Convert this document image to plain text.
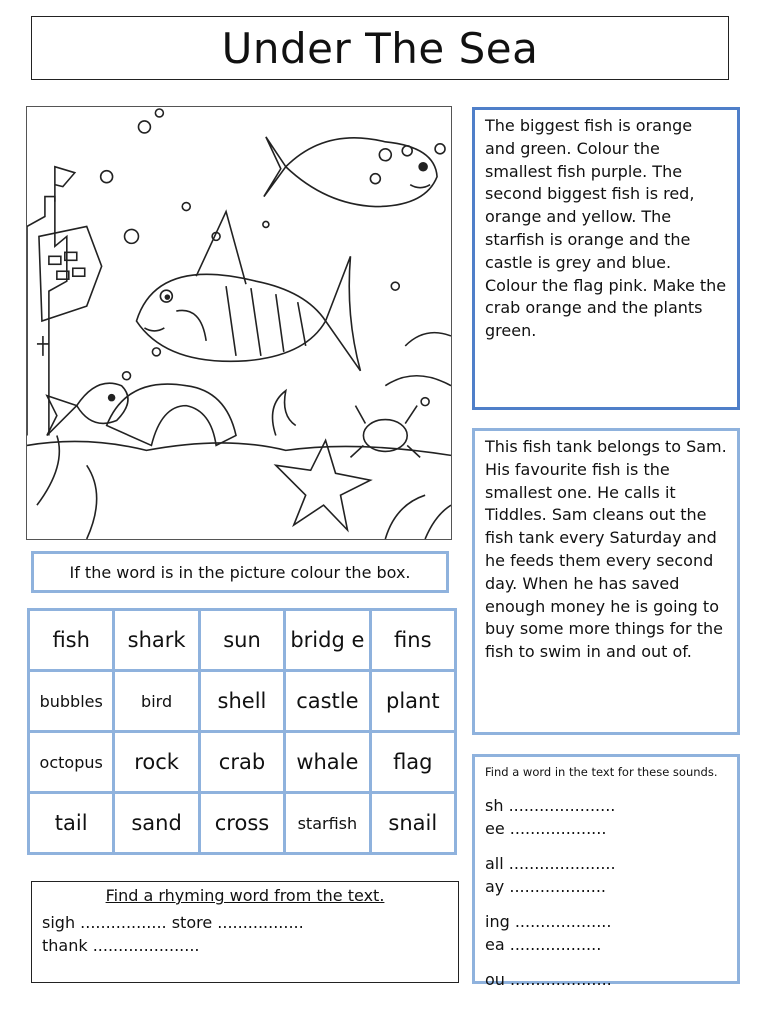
Under The Sea
If the word is in the picture colour the box.
fish	shark	sun	bridg e	fins
bubbles	bird	shell	castle	plant
octopus	rock	crab	whale	flag
tail	sand	cross	starfish	snail
Find a rhyming word from the text.
sigh ................. store .................
thank .....................
The biggest fish is orange and green. Colour the smallest fish purple. The second biggest fish is red, orange and yellow. The starfish is orange and the castle is grey and blue. Colour the flag pink. Make the crab orange and the plants green.
This fish tank belongs to Sam. His favourite fish is the smallest one. He calls it Tiddles. Sam cleans out the fish tank every Saturday and he feeds them every second day. When he has saved enough money he is going to buy some more things for the fish to swim in and out of.
Find a word in the text for these sounds.
sh .....................
ee ...................
all .....................
ay ...................
ing ...................
ea ..................
ou ....................
